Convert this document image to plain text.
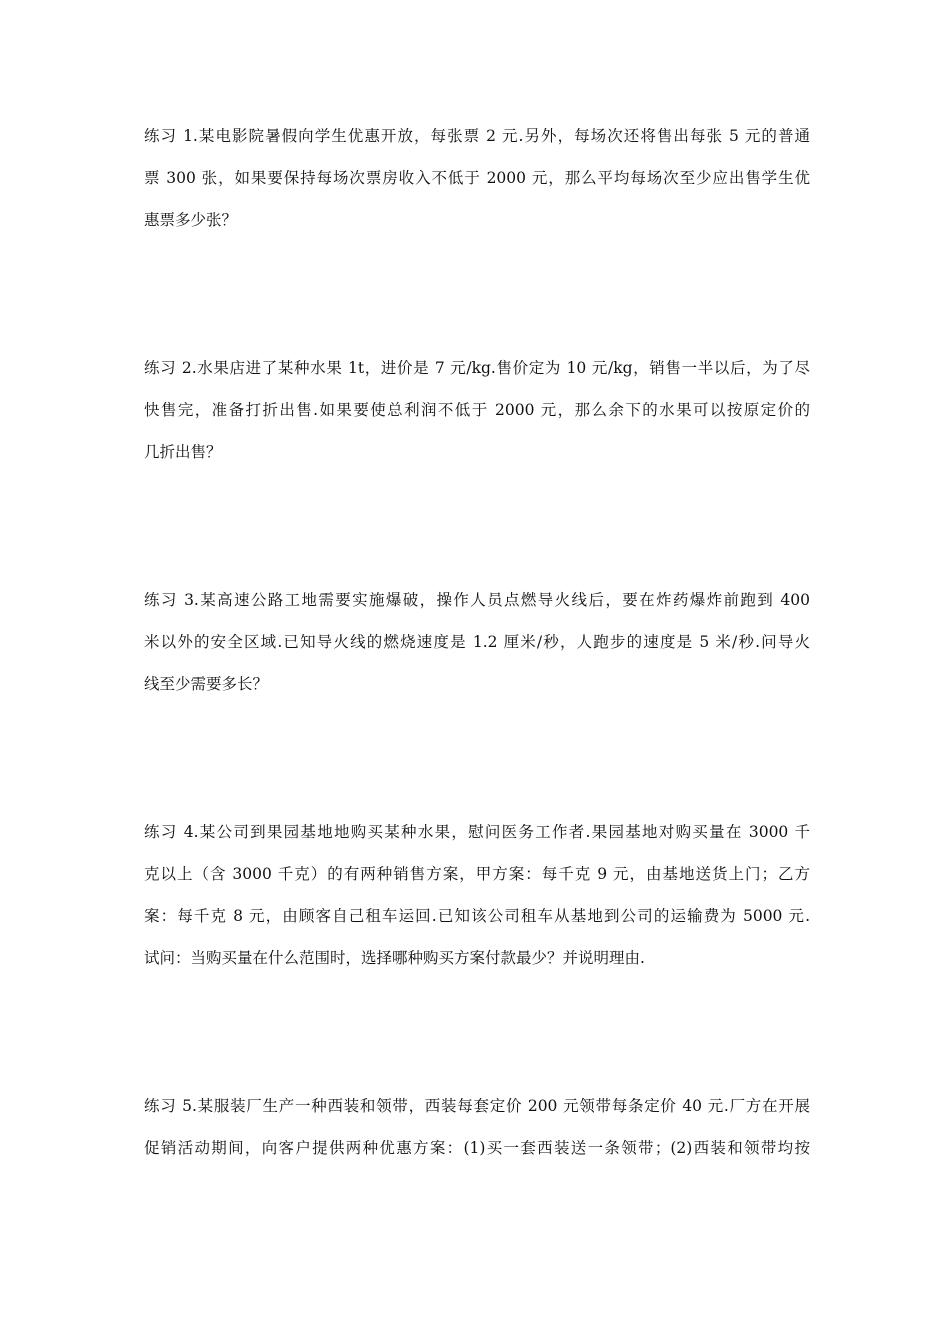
练习 1.某电影院暑假向学生优惠开放，每张票 2 元.另外，每场次还将售出每张 5 元的普通
票 300 张，如果要保持每场次票房收入不低于 2000 元，那么平均每场次至少应出售学生优
惠票多少张？
练习 2.水果店进了某种水果 1t，进价是 7 元/kg.售价定为 10 元/kg，销售一半以后，为了尽
快售完，准备打折出售.如果要使总利润不低于 2000 元，那么余下的水果可以按原定价的
几折出售？
练习 3.某高速公路工地需要实施爆破，操作人员点燃导火线后，要在炸药爆炸前跑到 400
米以外的安全区域.已知导火线的燃烧速度是 1.2 厘米/秒，人跑步的速度是 5 米/秒.问导火
线至少需要多长？
练习 4.某公司到果园基地地购买某种水果，慰问医务工作者.果园基地对购买量在 3000 千
克以上（含 3000 千克）的有两种销售方案，甲方案：每千克 9 元，由基地送货上门；乙方
案：每千克 8 元，由顾客自己租车运回.已知该公司租车从基地到公司的运输费为 5000 元.
试问：当购买量在什么范围时，选择哪种购买方案付款最少？并说明理由.
练习 5.某服装厂生产一种西装和领带，西装每套定价 200 元领带每条定价 40 元.厂方在开展
促销活动期间，向客户提供两种优惠方案：(1)买一套西装送一条领带；(2)西装和领带均按
